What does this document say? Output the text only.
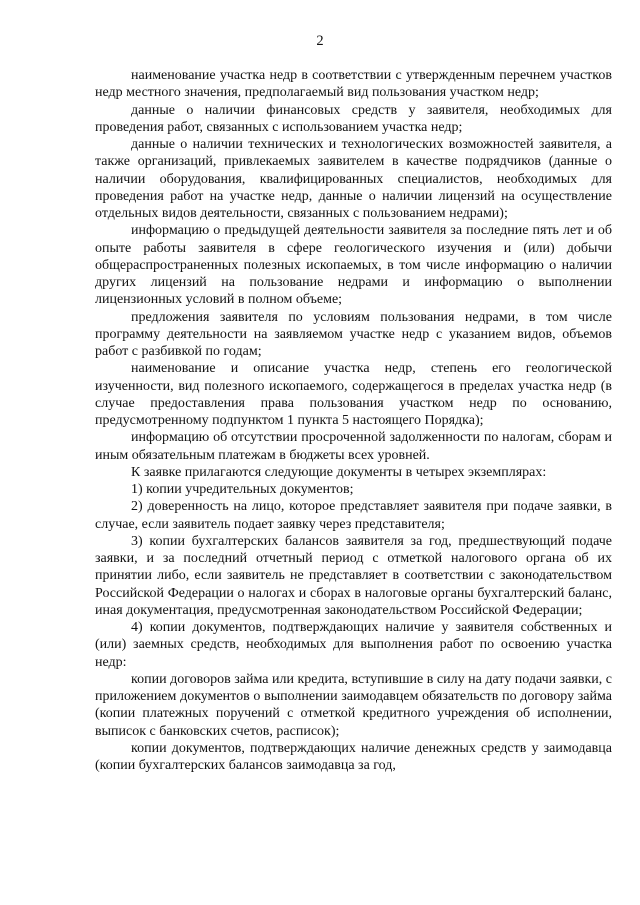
2

наименование участка недр в соответствии с утвержденным перечнем участков недр местного значения, предполагаемый вид пользования участком недр;

данные о наличии финансовых средств у заявителя, необходимых для проведения работ, связанных с использованием участка недр;

данные о наличии технических и технологических возможностей заявителя, а также организаций, привлекаемых заявителем в качестве подрядчиков (данные о наличии оборудования, квалифицированных специалистов, необходимых для проведения работ на участке недр, данные о наличии лицензий на осуществление отдельных видов деятельности, связанных с пользованием недрами);

информацию о предыдущей деятельности заявителя за последние пять лет и об опыте работы заявителя в сфере геологического изучения и (или) добычи общераспространенных полезных ископаемых, в том числе информацию о наличии других лицензий на пользование недрами и информацию о выполнении лицензионных условий в полном объеме;

предложения заявителя по условиям пользования недрами, в том числе программу деятельности на заявляемом участке недр с указанием видов, объемов работ с разбивкой по годам;

наименование и описание участка недр, степень его геологической изученности, вид полезного ископаемого, содержащегося в пределах участка недр (в случае предоставления права пользования участком недр по основанию, предусмотренному подпунктом 1 пункта 5 настоящего Порядка);

информацию об отсутствии просроченной задолженности по налогам, сборам и иным обязательным платежам в бюджеты всех уровней.

К заявке прилагаются следующие документы в четырех экземплярах:

1) копии учредительных документов;

2) доверенность на лицо, которое представляет заявителя при подаче заявки, в случае, если заявитель подает заявку через представителя;

3) копии бухгалтерских балансов заявителя за год, предшествующий подаче заявки, и за последний отчетный период с отметкой налогового органа об их принятии либо, если заявитель не представляет в соответствии с законодательством Российской Федерации о налогах и сборах в налоговые органы бухгалтерский баланс, иная документация, предусмотренная законодательством Российской Федерации;

4) копии документов, подтверждающих наличие у заявителя собственных и (или) заемных средств, необходимых для выполнения работ по освоению участка недр:

копии договоров займа или кредита, вступившие в силу на дату подачи заявки, с приложением документов о выполнении заимодавцем обязательств по договору займа (копии платежных поручений с отметкой кредитного учреждения об исполнении, выписок с банковских счетов, расписок);

копии документов, подтверждающих наличие денежных средств у заимодавца (копии бухгалтерских балансов заимодавца за год,
